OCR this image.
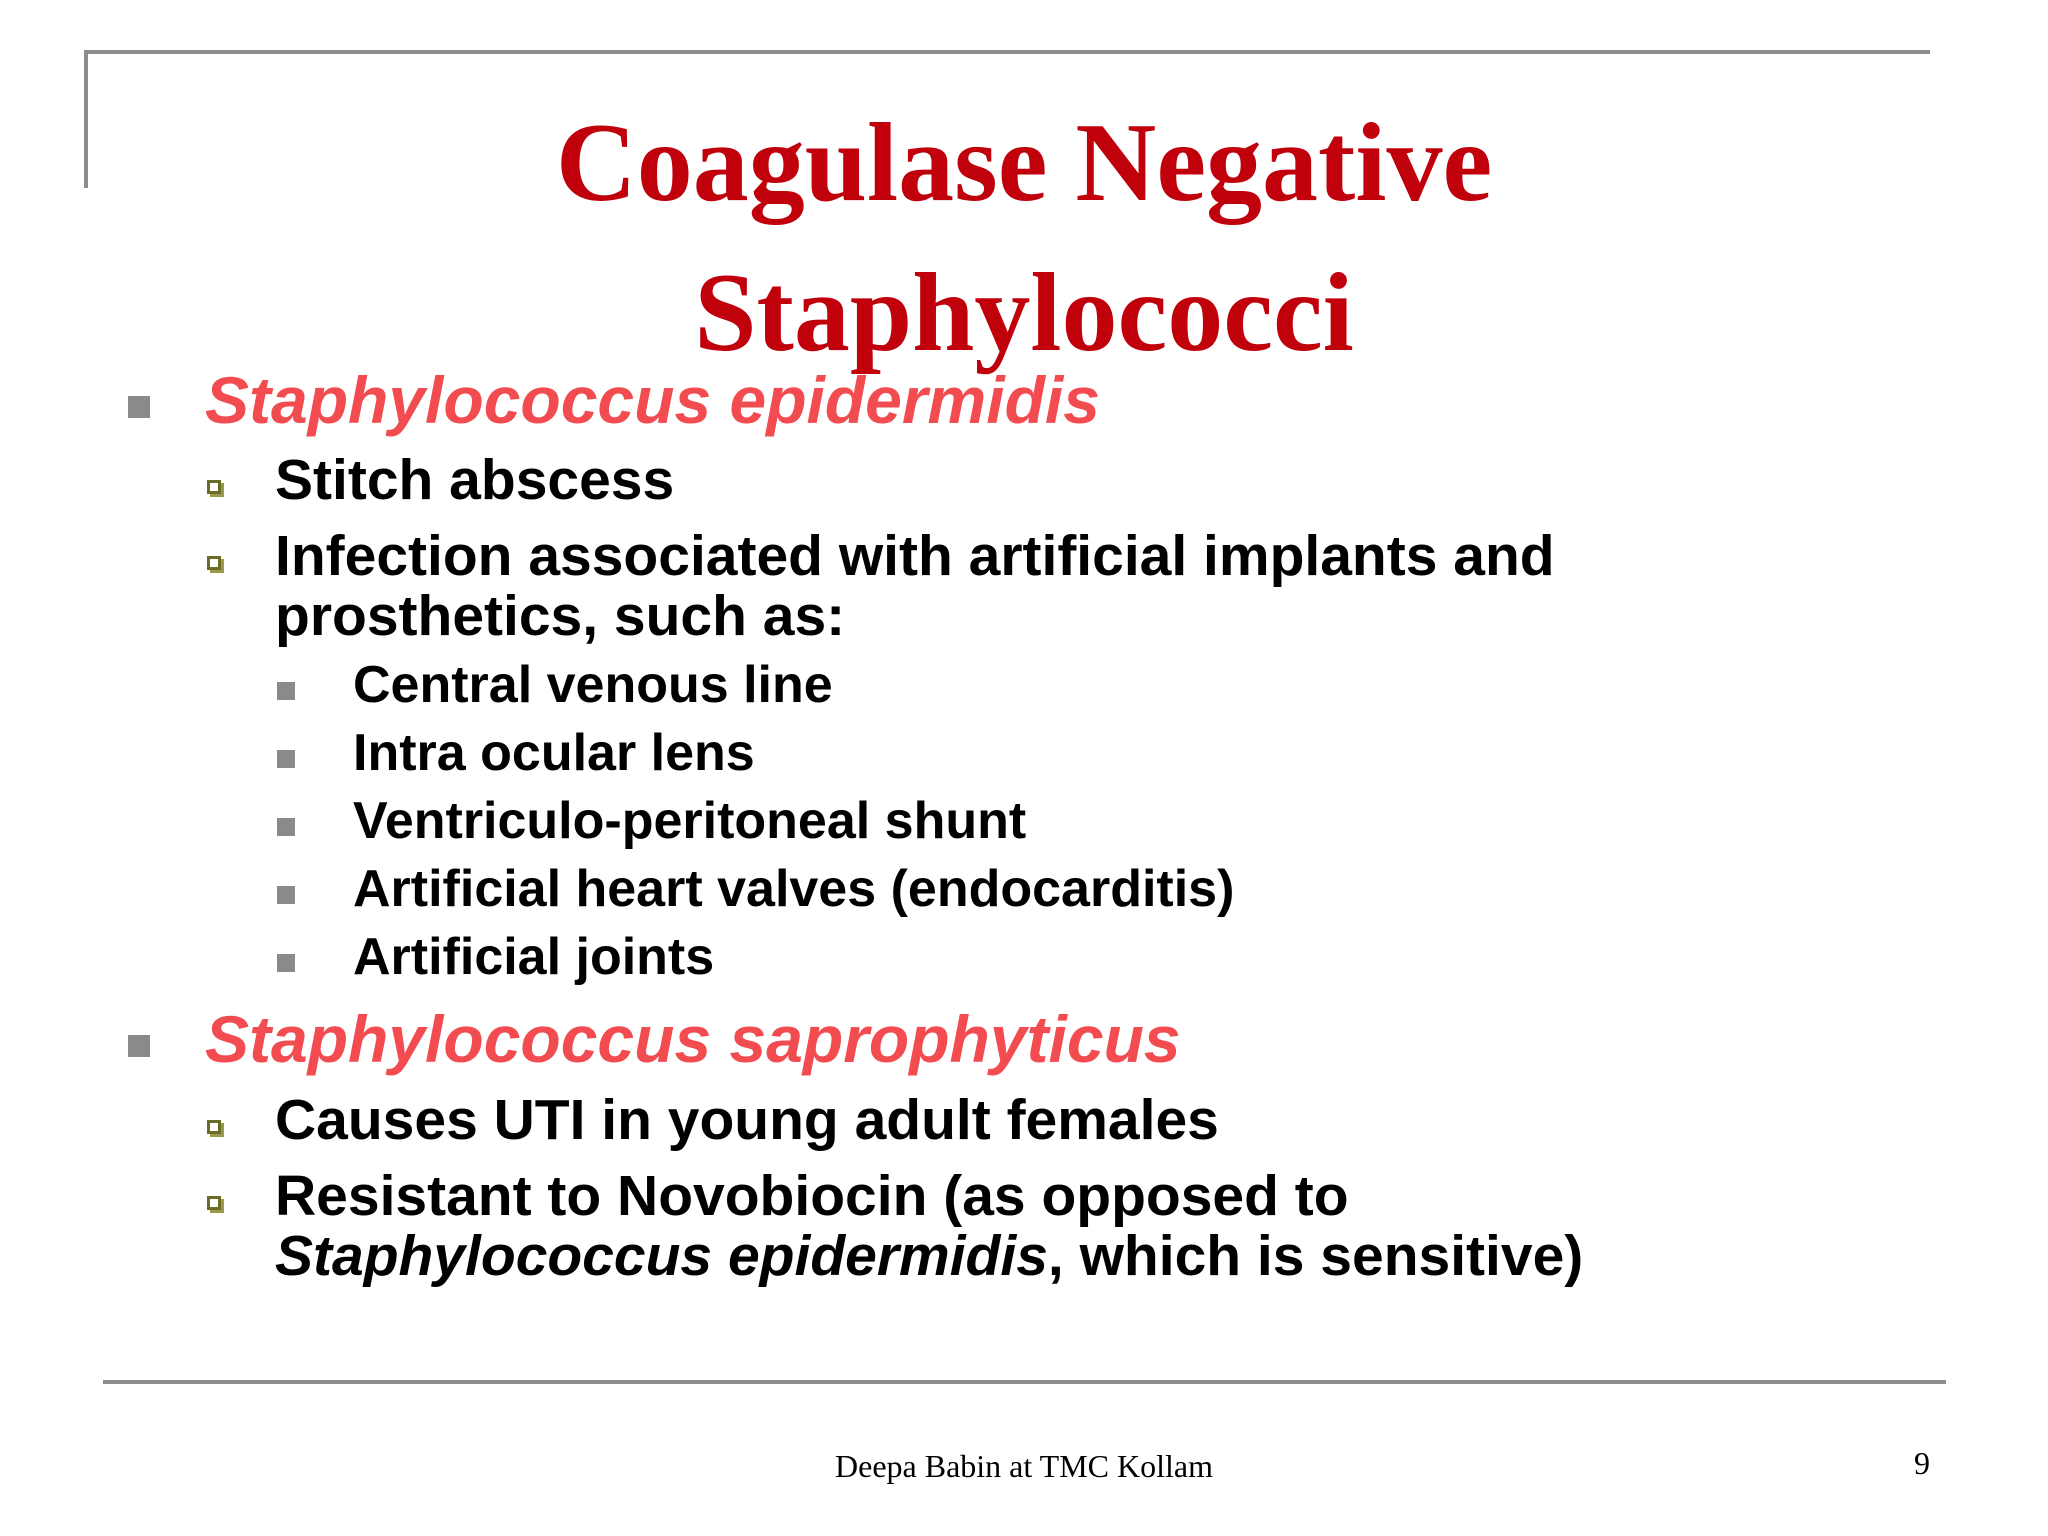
Coagulase Negative
Staphylococci
Staphylococcus epidermidis
Stitch abscess
Infection associated with artificial implants and
prosthetics, such as:
Central venous line
Intra ocular lens
Ventriculo-peritoneal shunt
Artificial heart valves (endocarditis)
Artificial joints
Staphylococcus saprophyticus
Causes UTI in young adult females
Resistant to Novobiocin (as opposed to
Staphylococcus epidermidis, which is sensitive)
Deepa Babin at TMC Kollam	9
